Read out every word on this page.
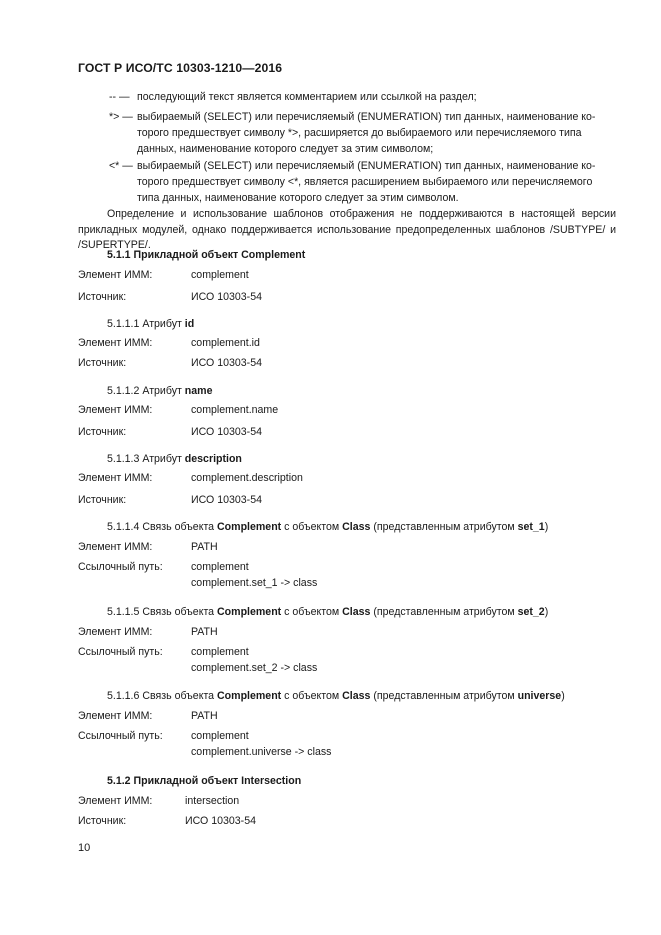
ГОСТ Р ИСО/ТС 10303-1210—2016
-- — последующий текст является комментарием или ссылкой на раздел;
*> — выбираемый (SELECT) или перечисляемый (ENUMERATION) тип данных, наименование ко-
торого предшествует символу *>, расширяется до выбираемого или перечисляемого типа
данных, наименование которого следует за этим символом;
<* — выбираемый (SELECT) или перечисляемый (ENUMERATION) тип данных, наименование ко-
торого предшествует символу <*, является расширением выбираемого или перечисляемого
типа данных, наименование которого следует за этим символом.
Определение и использование шаблонов отображения не поддерживаются в настоящей версии прикладных модулей, однако поддерживается использование предопределенных шаблонов /SUBTYPE/ и /SUPERTYPE/.
5.1.1 Прикладной объект Complement
Элемент ИММ:	complement
Источник:	ИСО 10303-54
5.1.1.1 Атрибут id
Элемент ИММ:	complement.id
Источник:	ИСО 10303-54
5.1.1.2 Атрибут name
Элемент ИММ:	complement.name
Источник:	ИСО 10303-54
5.1.1.3 Атрибут description
Элемент ИММ:	complement.description
Источник:	ИСО 10303-54
5.1.1.4 Связь объекта Complement с объектом Class (представленным атрибутом set_1)
Элемент ИММ:	PATH
Ссылочный путь:	complement
complement.set_1 -> class
5.1.1.5 Связь объекта Complement с объектом Class (представленным атрибутом set_2)
Элемент ИММ:	PATH
Ссылочный путь:	complement
complement.set_2 -> class
5.1.1.6 Связь объекта Complement с объектом Class (представленным атрибутом universe)
Элемент ИММ:	PATH
Ссылочный путь:	complement
complement.universe -> class
5.1.2 Прикладной объект Intersection
Элемент ИММ:	intersection
Источник:	ИСО 10303-54
10
